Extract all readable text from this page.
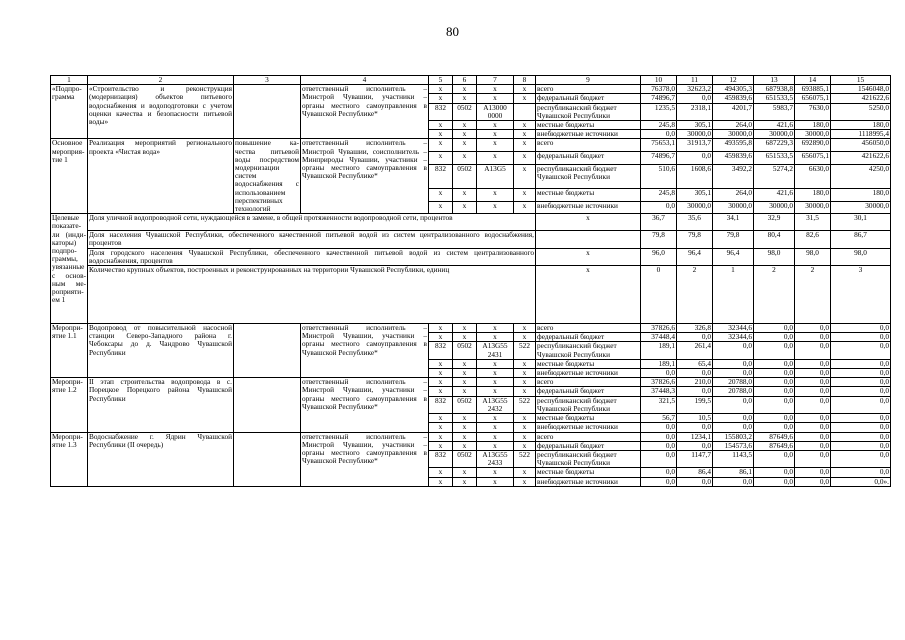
80
1	2	3	4	5	6	7	8	9	10	11	12	13	14	15
«Подпрограмма	«Строительство и реконструкция (модернизация) объектов питьевого водоснабжения и водоподготовки с учетом оценки качества и безопасности питьевой воды»		ответственный исполнитель – Минстрой Чувашии, участники – органы местного самоуправления в Чувашской Республике*	x	x	x	x	всего	76378,0	32623,2	494305,3	687938,8	693885,1	1546048,0
				x	x	x	x	федеральный бюджет	74896,7	0,0	459839,6	651533,5	656075,1	421622,6
				832	0502	А13000 0000		республиканский бюджет Чувашской Республики	1235,5	2318,1	4201,7	5983,7	7630,0	5250,0
				x	x	x	x	местные бюджеты	245,8	305,1	264,0	421,6	180,0	180,0
				x	x	x	x	внебюджетные источники	0,0	30000,0	30000,0	30000,0	30000,0	1118995,4
Основное мероприятие 1	Реализация мероприятий регионального проекта «Чистая вода»	повышение качества питьевой воды посредством модернизации систем водоснабжения с использованием перспективных технологий	ответственный исполнитель – Минстрой Чувашии, соисполнитель – Минприроды Чувашии, участники – органы местного самоуправления в Чувашской Республике*	x	x	x	x	всего	75653,1	31913,7	493595,8	687229,3	692890,0	456050,0
				x	x	x	x	федеральный бюджет	74896,7	0,0	459839,6	651533,5	656075,1	421622,6
				832	0502	А13G5	x	республиканский бюджет Чувашской Республики	510,6	1608,6	3492,2	5274,2	6630,0	4250,0
				x	x	x	x	местные бюджеты	245,8	305,1	264,0	421,6	180,0	180,0
				x	x	x	x	внебюджетные источники	0,0	30000,0	30000,0	30000,0	30000,0	30000,0
Целевые показатели (индикаторы) подпрограммы, увязанные с основным мероприятием 1	Доля уличной водопроводной сети, нуждающейся в замене, в общей протяженности водопроводной сети, процентов							x	36,7	35,6	34,1	32,9	31,5	30,1
	Доля населения Чувашской Республики, обеспеченного качественной питьевой водой из систем централизованного водоснабжения, процентов								79,8	79,8	79,8	80,4	82,6	86,7
	Доля городского населения Чувашской Республики, обеспеченного качественной питьевой водой из систем централизованного водоснабжения, процентов							x	96,0	96,4	96,4	98,0	98,0	98,0
	Количество крупных объектов, построенных и реконструированных на территории Чувашской Республики, единиц							x	0	2	1	2	2	3
Мероприятие 1.1	Водопровод от повысительной насосной станции Северо-Западного района г. Чебоксары до д. Чандрово Чувашской Республики		ответственный исполнитель – Минстрой Чувашии, участники – органы местного самоуправления в Чувашской Республике*	x	x	x	x	всего	37826,6	326,8	32344,6	0,0	0,0	0,0
				x	x	x	x	федеральный бюджет	37448,4	0,0	32344,6	0,0	0,0	0,0
				832	0502	А13G55 2431	522	республиканский бюджет Чувашской Республики	189,1	261,4	0,0	0,0	0,0	0,0
				x	x	x	x	местные бюджеты	189,1	65,4	0,0	0,0	0,0	0,0
				x	x	x	x	внебюджетные источники	0,0	0,0	0,0	0,0	0,0	0,0
Мероприятие 1.2	II этап строительства водопровода в с. Порецкое Порецкого района Чувашской Республики		ответственный исполнитель – Минстрой Чувашии, участники – органы местного самоуправления в Чувашской Республике*	x	x	x	x	всего	37826,6	210,0	20788,0	0,0	0,0	0,0
				x	x	x	x	федеральный бюджет	37448,3	0,0	20788,0	0,0	0,0	0,0
				832	0502	А13G55 2432	522	республиканский бюджет Чувашской Республики	321,5	199,5	0,0	0,0	0,0	0,0
				x	x	x	x	местные бюджеты	56,7	10,5	0,0	0,0	0,0	0,0
				x	x	x	x	внебюджетные источники	0,0	0,0	0,0	0,0	0,0	0,0
Мероприятие 1.3	Водоснабжение г. Ядрин Чувашской Республики (II очередь)		ответственный исполнитель – Минстрой Чувашии, участники – органы местного самоуправления в Чувашской Республике*	x	x	x	x	всего	0,0	1234,1	155803,2	87649,6	0,0	0,0
				x	x	x	x	федеральный бюджет	0,0	0,0	154573,6	87649,6	0,0	0,0
				832	0502	А13G55 2433	522	республиканский бюджет Чувашской Республики	0,0	1147,7	1143,5	0,0	0,0	0,0
				x	x	x	x	местные бюджеты	0,0	86,4	86,1	0,0	0,0	0,0
				x	x	x	x	внебюджетные источники	0,0	0,0	0,0	0,0	0,0	0,0».
